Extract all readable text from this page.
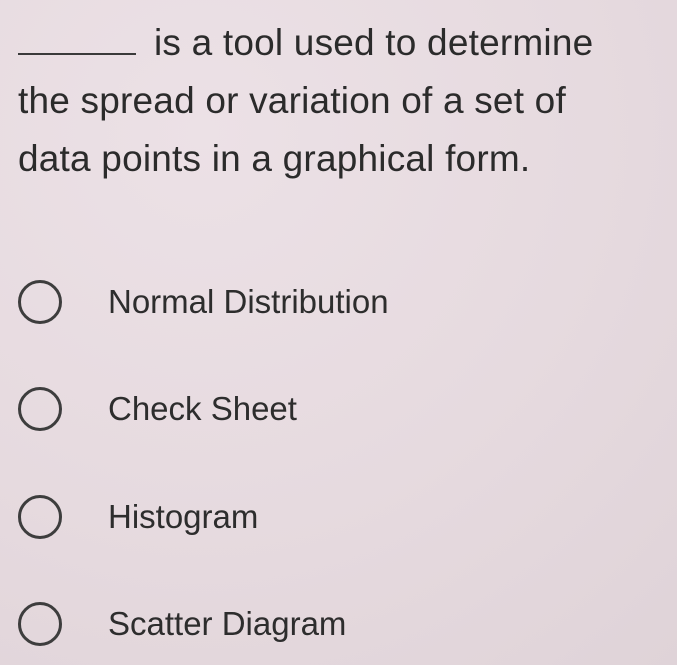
is a tool used to determine
the spread or variation of a set of
data points in a graphical form.
Normal Distribution
Check Sheet
Histogram
Scatter Diagram
